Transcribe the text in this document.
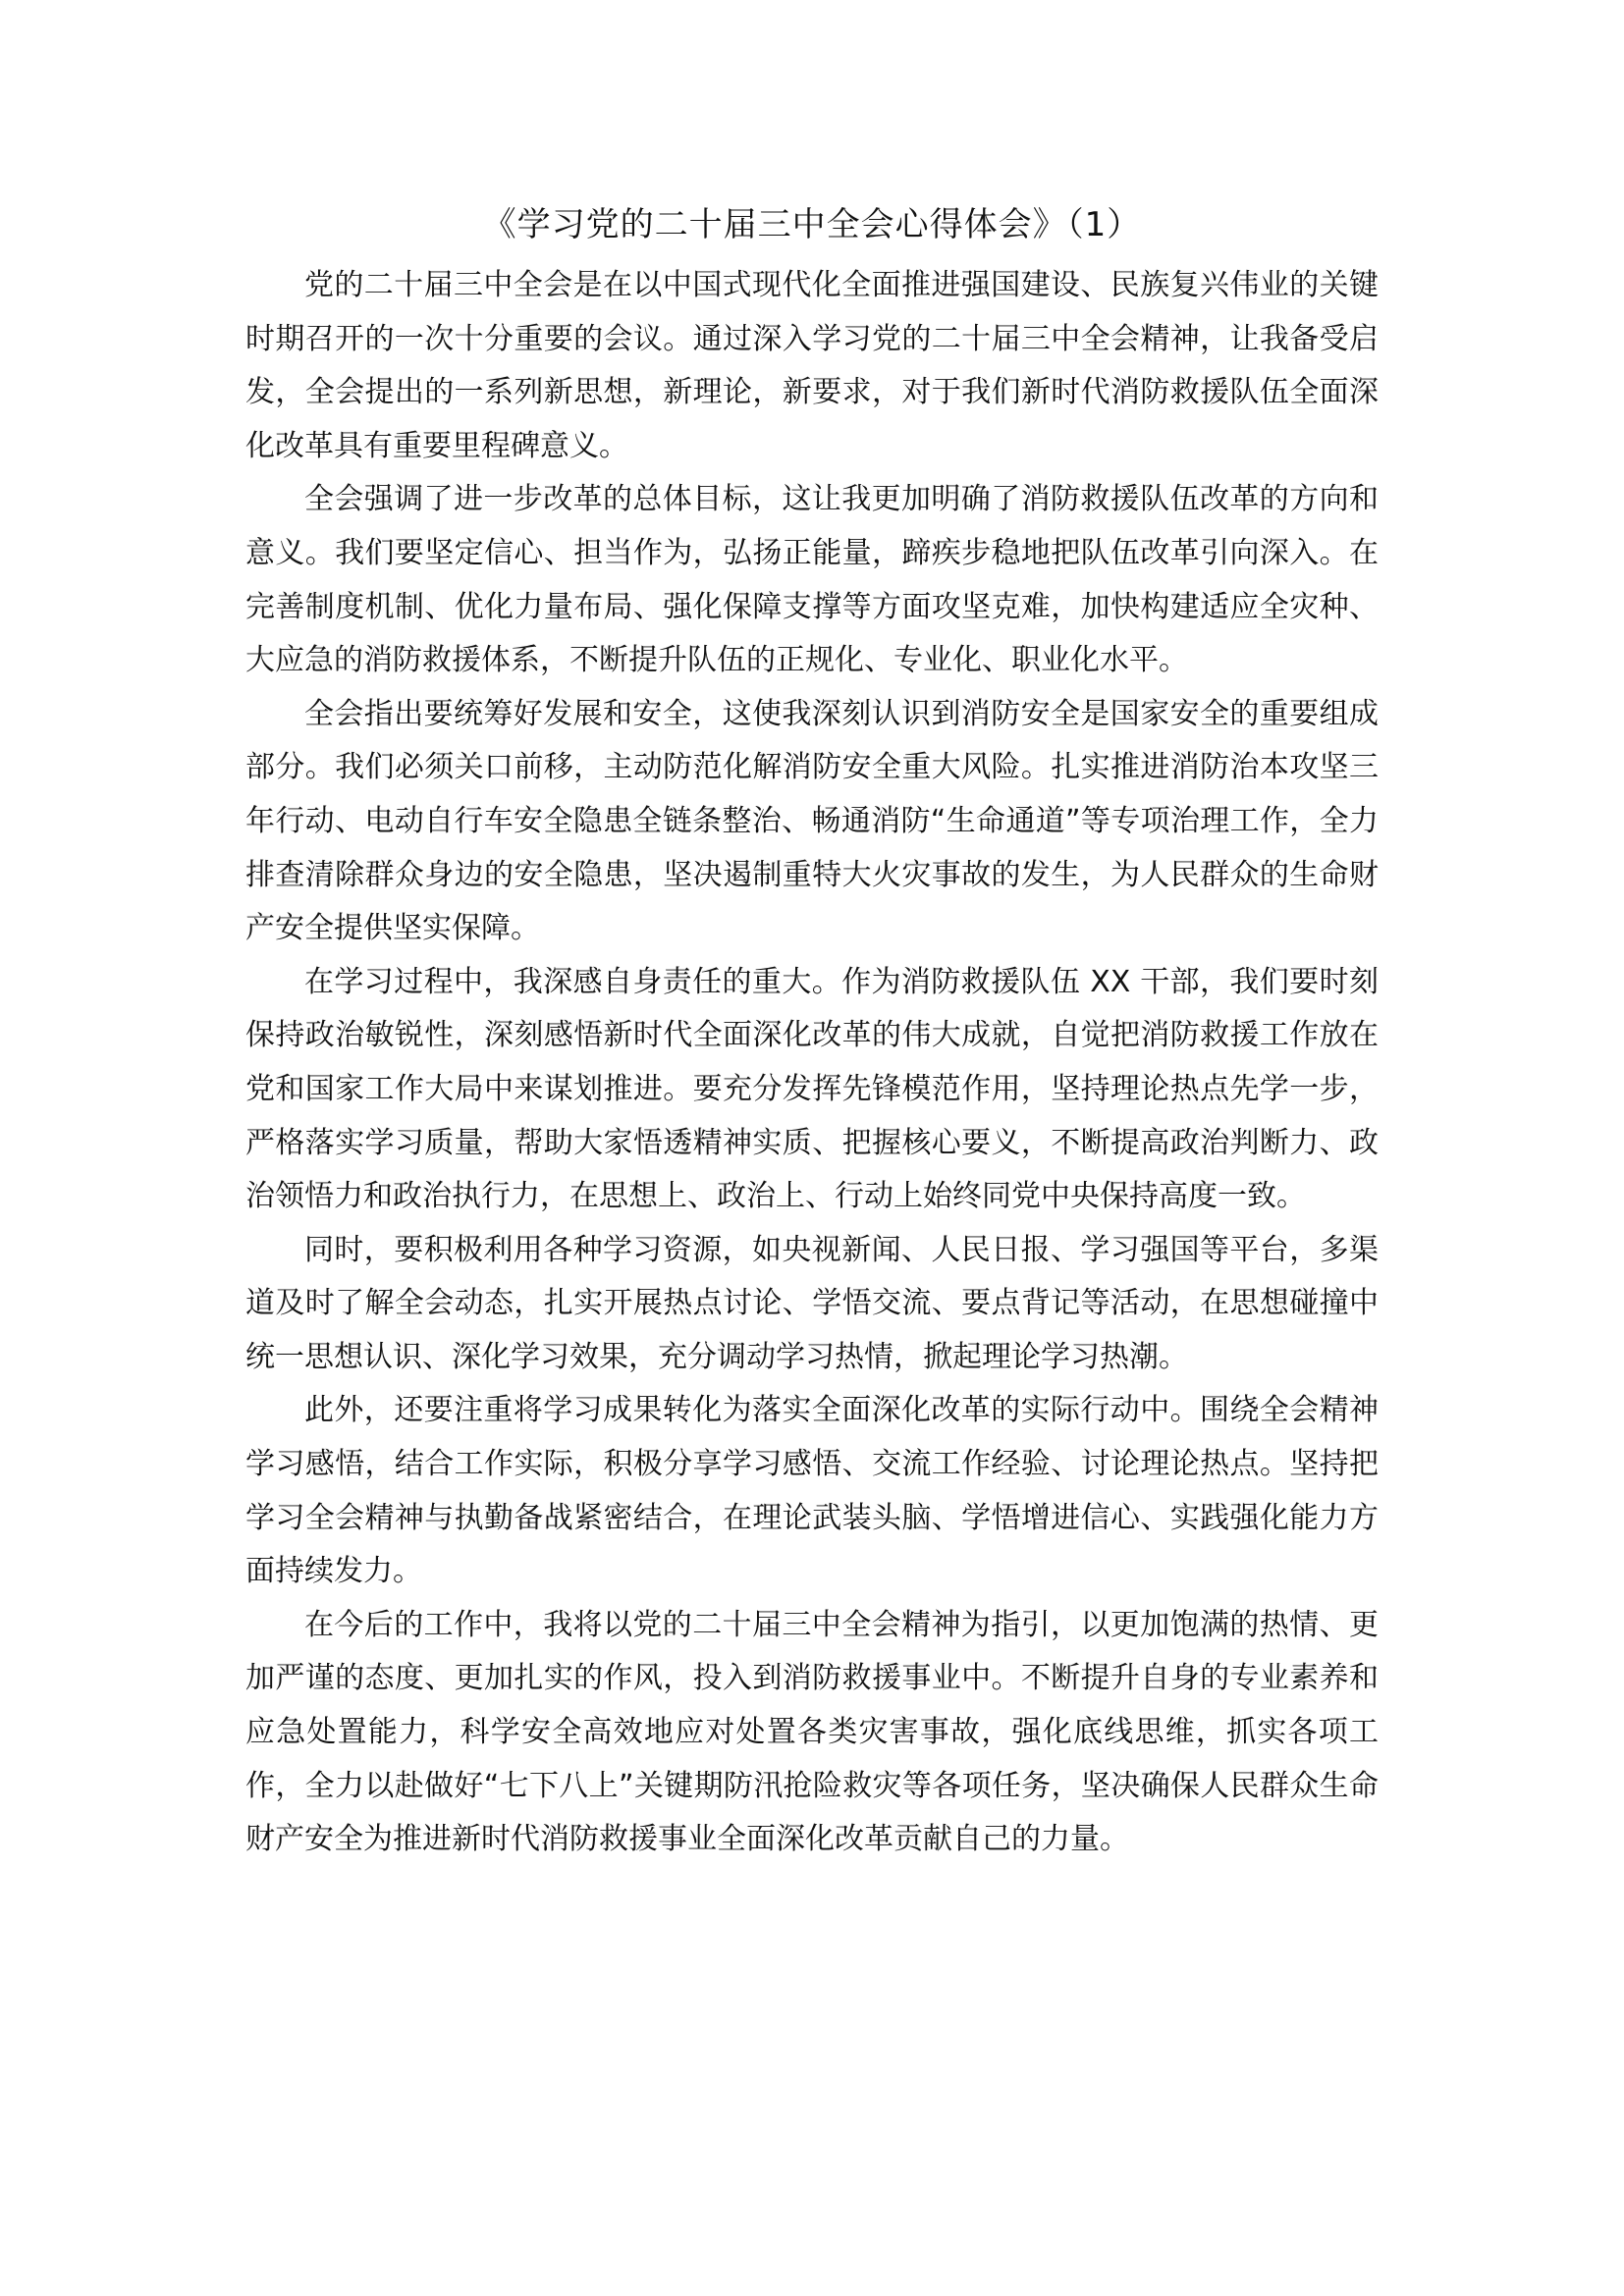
《学习党的二十届三中全会心得体会》（1）

党的二十届三中全会是在以中国式现代化全面推进强国建设、民族复兴伟业的关键时期召开的一次十分重要的会议。通过深入学习党的二十届三中全会精神，让我备受启发，全会提出的一系列新思想，新理论，新要求，对于我们新时代消防救援队伍全面深化改革具有重要里程碑意义。

全会强调了进一步改革的总体目标，这让我更加明确了消防救援队伍改革的方向和意义。我们要坚定信心、担当作为，弘扬正能量，蹄疾步稳地把队伍改革引向深入。在完善制度机制、优化力量布局、强化保障支撑等方面攻坚克难，加快构建适应全灾种、大应急的消防救援体系，不断提升队伍的正规化、专业化、职业化水平。

全会指出要统筹好发展和安全，这使我深刻认识到消防安全是国家安全的重要组成部分。我们必须关口前移，主动防范化解消防安全重大风险。扎实推进消防治本攻坚三年行动、电动自行车安全隐患全链条整治、畅通消防“生命通道”等专项治理工作，全力排查清除群众身边的安全隐患，坚决遏制重特大火灾事故的发生，为人民群众的生命财产安全提供坚实保障。

在学习过程中，我深感自身责任的重大。作为消防救援队伍 XX 干部，我们要时刻保持政治敏锐性，深刻感悟新时代全面深化改革的伟大成就，自觉把消防救援工作放在党和国家工作大局中来谋划推进。要充分发挥先锋模范作用，坚持理论热点先学一步，严格落实学习质量，帮助大家悟透精神实质、把握核心要义，不断提高政治判断力、政治领悟力和政治执行力，在思想上、政治上、行动上始终同党中央保持高度一致。

同时，要积极利用各种学习资源，如央视新闻、人民日报、学习强国等平台，多渠道及时了解全会动态，扎实开展热点讨论、学悟交流、要点背记等活动，在思想碰撞中统一思想认识、深化学习效果，充分调动学习热情，掀起理论学习热潮。

此外，还要注重将学习成果转化为落实全面深化改革的实际行动中。围绕全会精神学习感悟，结合工作实际，积极分享学习感悟、交流工作经验、讨论理论热点。坚持把学习全会精神与执勤备战紧密结合，在理论武装头脑、学悟增进信心、实践强化能力方面持续发力。

在今后的工作中，我将以党的二十届三中全会精神为指引，以更加饱满的热情、更加严谨的态度、更加扎实的作风，投入到消防救援事业中。不断提升自身的专业素养和应急处置能力，科学安全高效地应对处置各类灾害事故，强化底线思维，抓实各项工作，全力以赴做好“七下八上”关键期防汛抢险救灾等各项任务，坚决确保人民群众生命财产安全为推进新时代消防救援事业全面深化改革贡献自己的力量。
